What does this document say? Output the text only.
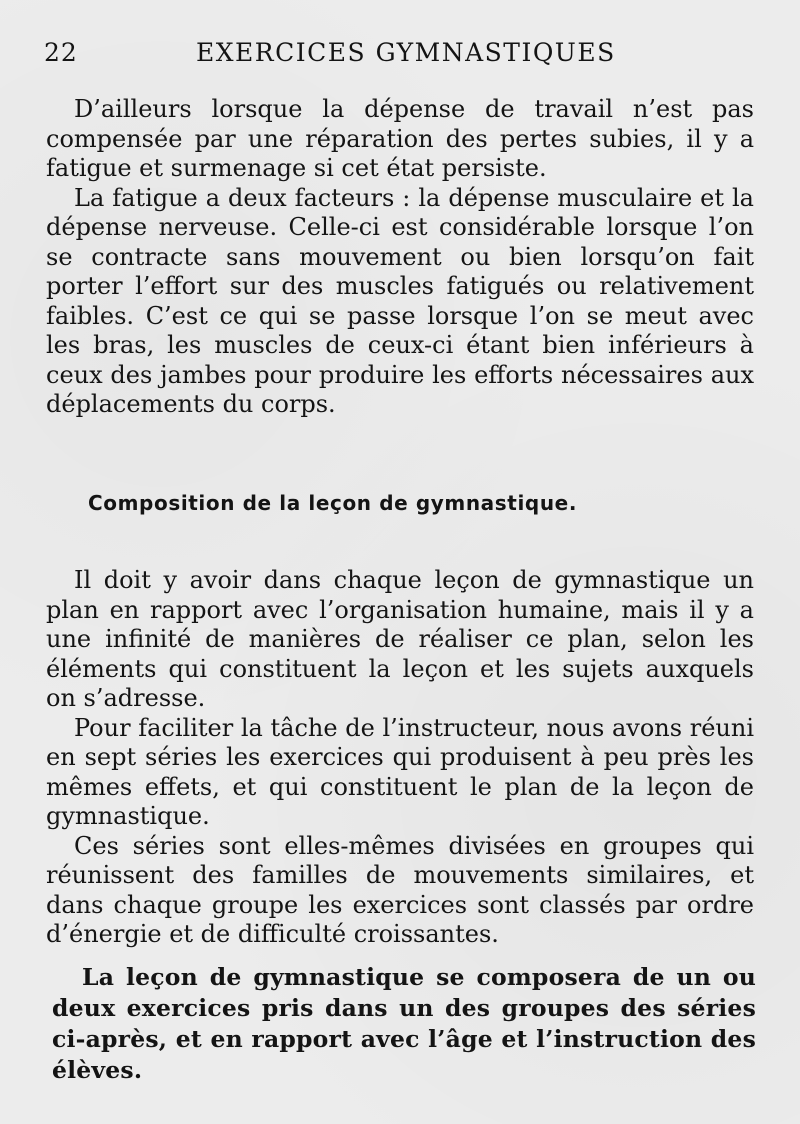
22	EXERCICES GYMNASTIQUES

D’ailleurs lorsque la dépense de travail n’est pas compensée par une réparation des pertes subies, il y a fatigue et surmenage si cet état persiste.

La fatigue a deux facteurs : la dépense musculaire et la dépense nerveuse. Celle-ci est considérable lorsque l’on se contracte sans mouvement ou bien lorsqu’on fait porter l’effort sur des muscles fatigués ou relativement faibles. C’est ce qui se passe lorsque l’on se meut avec les bras, les muscles de ceux-ci étant bien inférieurs à ceux des jambes pour produire les efforts nécessaires aux déplacements du corps.

Composition de la leçon de gymnastique.

Il doit y avoir dans chaque leçon de gymnastique un plan en rapport avec l’organisation humaine, mais il y a une infinité de manières de réaliser ce plan, selon les éléments qui constituent la leçon et les sujets auxquels on s’adresse.

Pour faciliter la tâche de l’instructeur, nous avons réuni en sept séries les exercices qui produisent à peu près les mêmes effets, et qui constituent le plan de la leçon de gymnastique.

Ces séries sont elles-mêmes divisées en groupes qui réunissent des familles de mouvements similaires, et dans chaque groupe les exercices sont classés par ordre d’énergie et de difficulté croissantes.

La leçon de gymnastique se composera de un ou deux exercices pris dans un des groupes des séries ci-après, et en rapport avec l’âge et l’instruction des élèves.
